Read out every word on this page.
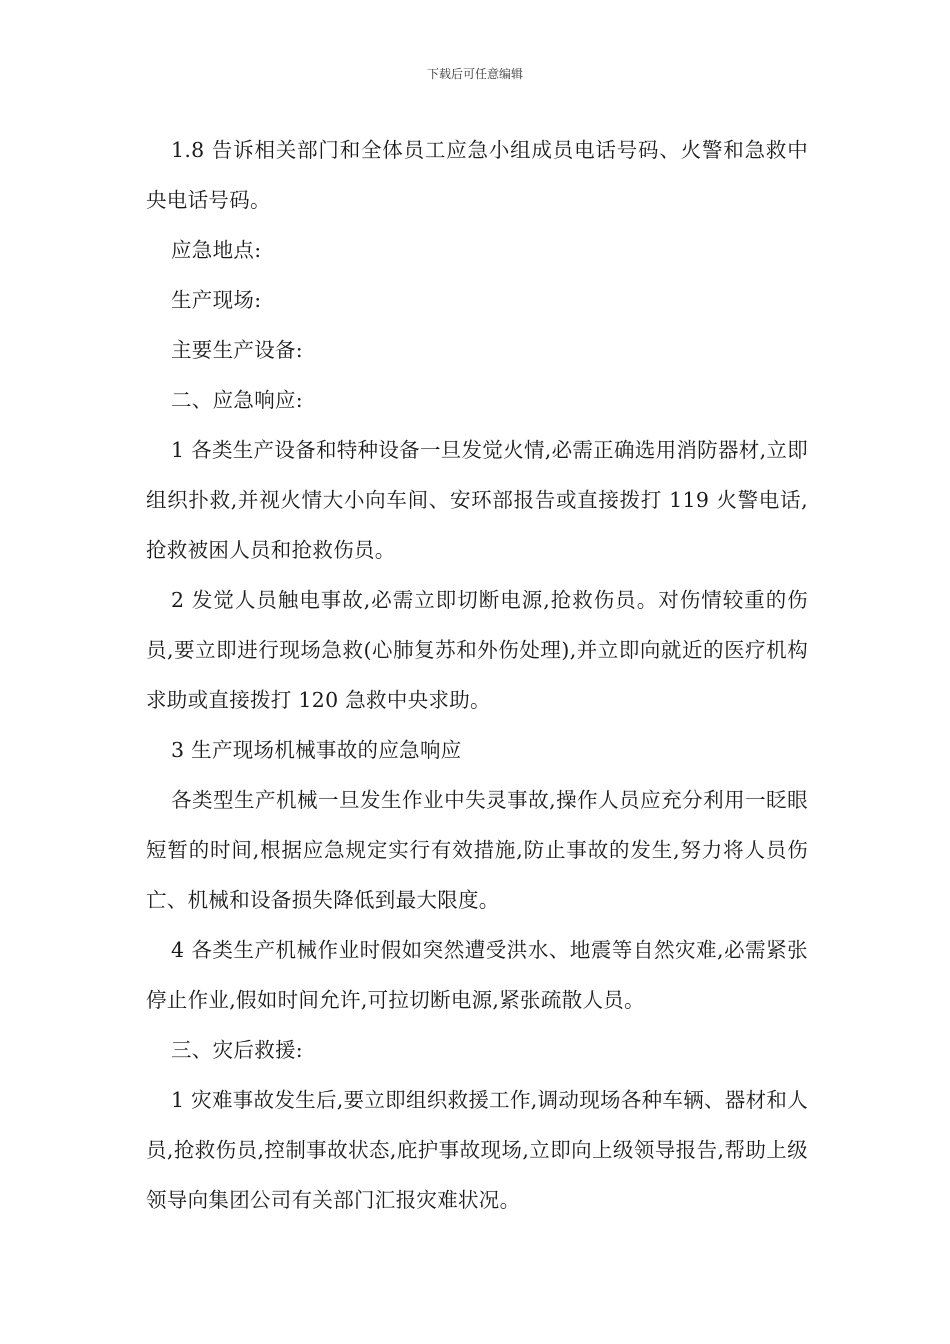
下载后可任意编辑

1.8 告诉相关部门和全体员工应急小组成员电话号码、火警和急救中央电话号码。

应急地点:

生产现场:

主要生产设备:

二、应急响应:

1 各类生产设备和特种设备一旦发觉火情,必需正确选用消防器材,立即组织扑救,并视火情大小向车间、安环部报告或直接拨打 119 火警电话,抢救被困人员和抢救伤员。

2 发觉人员触电事故,必需立即切断电源,抢救伤员。对伤情较重的伤员,要立即进行现场急救(心肺复苏和外伤处理),并立即向就近的医疗机构求助或直接拨打 120 急救中央求助。

3 生产现场机械事故的应急响应

各类型生产机械一旦发生作业中失灵事故,操作人员应充分利用一眨眼短暂的时间,根据应急规定实行有效措施,防止事故的发生,努力将人员伤亡、机械和设备损失降低到最大限度。

4 各类生产机械作业时假如突然遭受洪水、地震等自然灾难,必需紧张停止作业,假如时间允许,可拉切断电源,紧张疏散人员。

三、灾后救援:

1 灾难事故发生后,要立即组织救援工作,调动现场各种车辆、器材和人员,抢救伤员,控制事故状态,庇护事故现场,立即向上级领导报告,帮助上级领导向集团公司有关部门汇报灾难状况。
